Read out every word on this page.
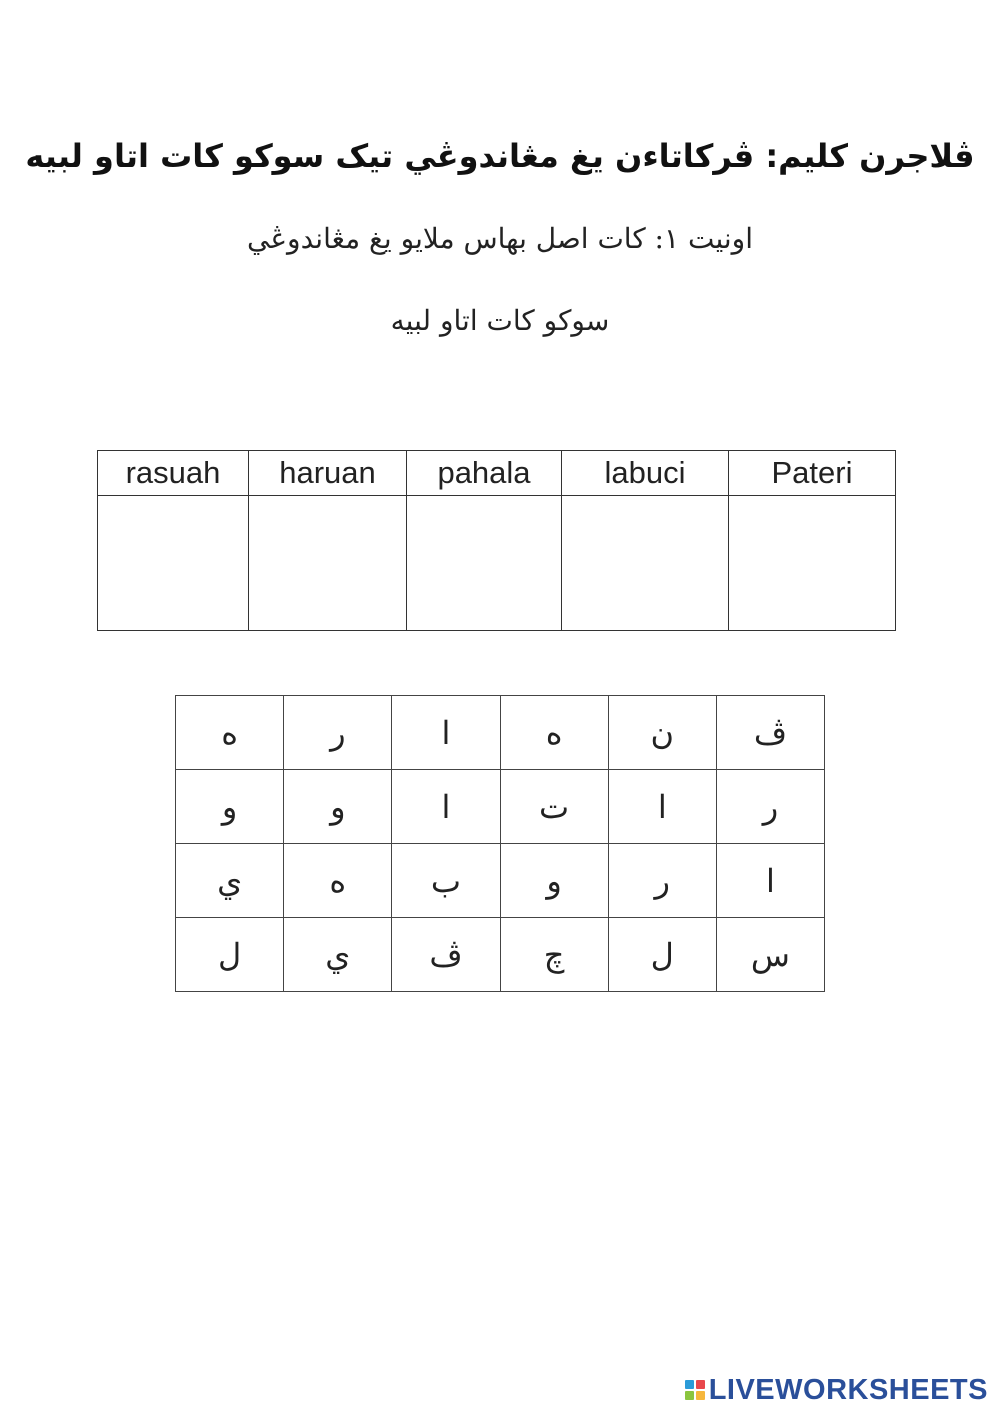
ڤلاجرن كليم: ڤركاتاءن يغ مڠاندوڠي تيک سوکو كات اتاو لبيه
اونيت ١: كات اصل بهاس ملايو يغ مڠاندوڠي
سوكو كات اتاو لبيه
rasuah	haruan	pahala	labuci	Pateri

ڤ	ن	ه	ا	ر	ه
ر	ا	ت	ا	و	و
ا	ر	و	ب	ه	ي
س	ل	چ	ڤ	ي	ل
LIVEWORKSHEETS
